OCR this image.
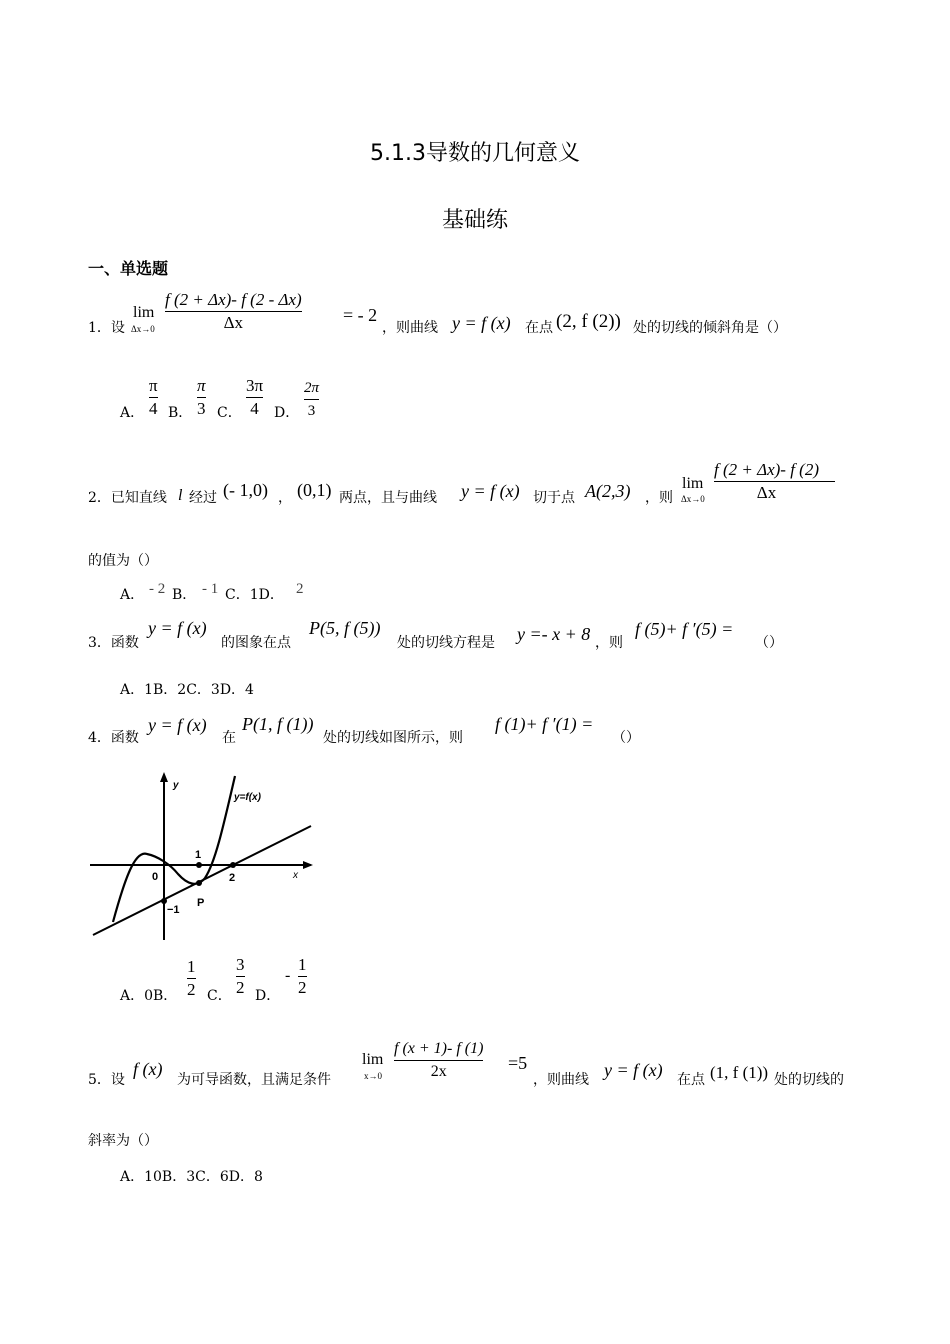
5.1.3导数的几何意义
基础练
一、单选题
1．设
lim
Δx→0
f (2 + Δx)- f (2 - Δx)
Δx	= - 2
，则曲线 y = f (x) 在点 (2, f (2)) 处的切线的倾斜角是（）
A．
π
4 B．
π
3 C．
3π
4 D．
2π
3
2．已知直线 l 经过 (- 1,0) ， (0,1) 两点，且与曲线 y = f (x) 切于点 A(2,3) ，则
lim
Δx→0
f (2 + Δx)- f (2)
Δx
的值为（）
A． - 2 B． - 1 C．1D． 2
3．函数
y = f (x)
的图象在点
P(5, f (5))
处的切线方程是 y =- x + 8 ，则
f (5)+ f ′(5) =
（）
A．1B．2C．3D．4
4．函数
y = f (x)
在
P(1, f (1))
处的切线如图所示，则
f (1)+ f ′(1) =
（）
y
x
y=f(x)
0
1
2
−1
P
A．0B．
1
2 C．
3
2 D．
-
1
2
5．设
f (x)
为可导函数，且满足条件
lim
x→0
f (x + 1)- f (1)
2x	=5
，则曲线 y = f (x) 在点 (1, f (1)) 处的切线的
斜率为（）
A．10B．3C．6D．8
